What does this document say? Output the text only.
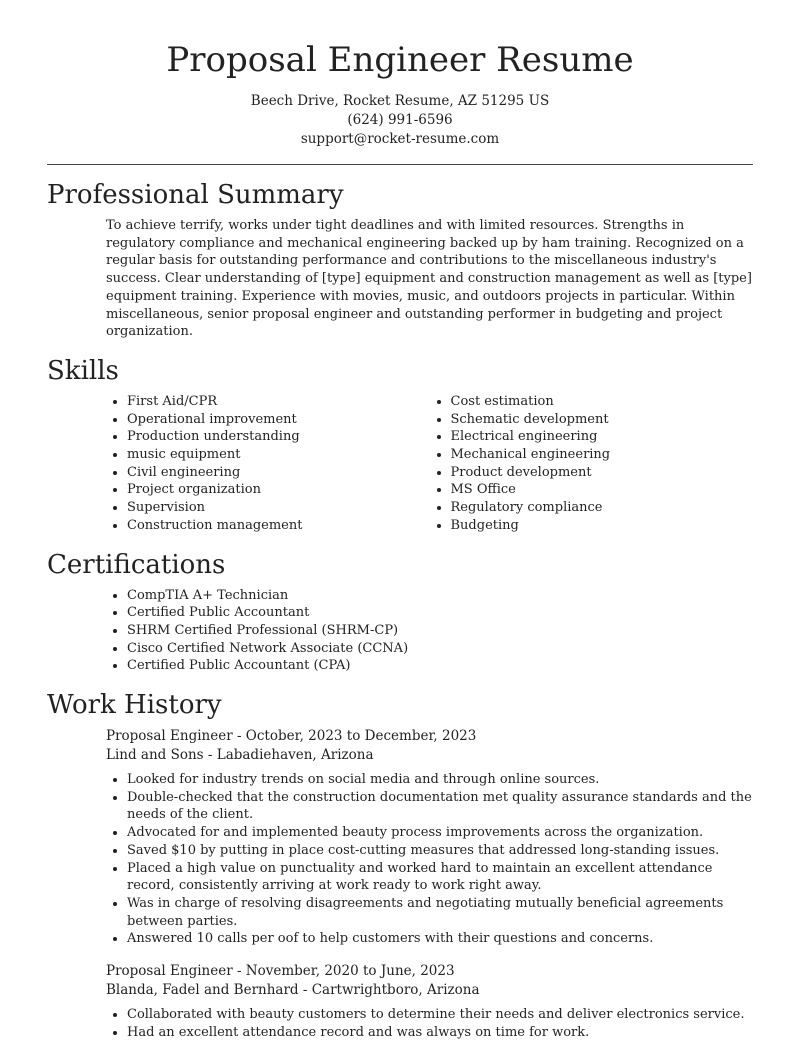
Proposal Engineer Resume
Beech Drive, Rocket Resume, AZ 51295 US
(624) 991-6596
support@rocket-resume.com
Professional Summary

To achieve terrify, works under tight deadlines and with limited resources. Strengths in regulatory compliance and mechanical engineering backed up by ham training. Recognized on a regular basis for outstanding performance and contributions to the miscellaneous industry's success. Clear understanding of [type] equipment and construction management as well as [type] equipment training. Experience with movies, music, and outdoors projects in particular. Within miscellaneous, senior proposal engineer and outstanding performer in budgeting and project organization.

Skills
• First Aid/CPR
• Operational improvement
• Production understanding
• music equipment
• Civil engineering
• Project organization
• Supervision
• Construction management
• Cost estimation
• Schematic development
• Electrical engineering
• Mechanical engineering
• Product development
• MS Office
• Regulatory compliance
• Budgeting
Certifications
• CompTIA A+ Technician
• Certified Public Accountant
• SHRM Certified Professional (SHRM-CP)
• Cisco Certified Network Associate (CCNA)
• Certified Public Accountant (CPA)
Work History
Proposal Engineer - October, 2023 to December, 2023
Lind and Sons - Labadiehaven, Arizona
• Looked for industry trends on social media and through online sources.
• Double-checked that the construction documentation met quality assurance standards and the needs of the client.
• Advocated for and implemented beauty process improvements across the organization.
• Saved $10 by putting in place cost-cutting measures that addressed long-standing issues.
• Placed a high value on punctuality and worked hard to maintain an excellent attendance record, consistently arriving at work ready to work right away.
• Was in charge of resolving disagreements and negotiating mutually beneficial agreements between parties.
• Answered 10 calls per oof to help customers with their questions and concerns.
Proposal Engineer - November, 2020 to June, 2023
Blanda, Fadel and Bernhard - Cartwrightboro, Arizona
• Collaborated with beauty customers to determine their needs and deliver electronics service.
• Had an excellent attendance record and was always on time for work.
